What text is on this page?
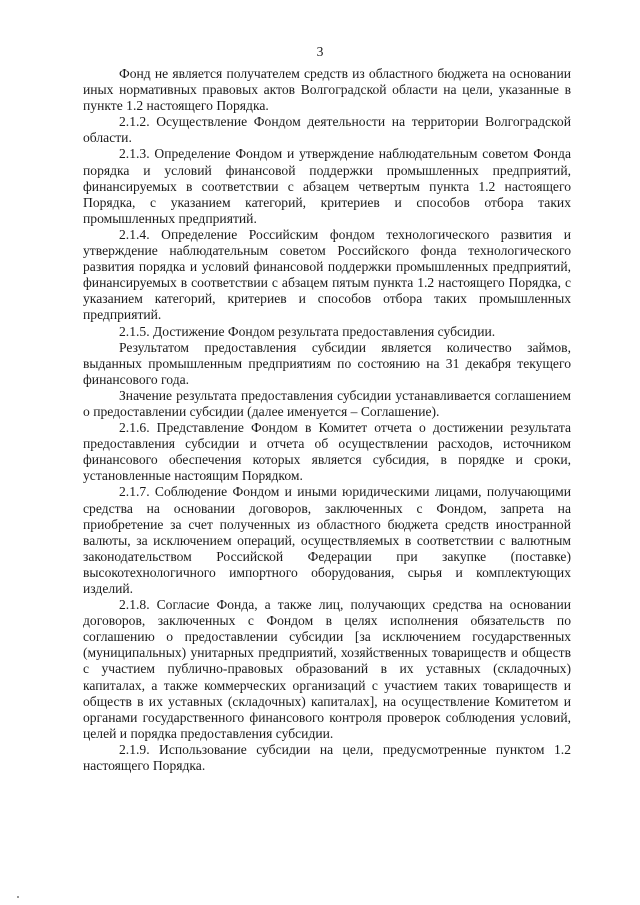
3

Фонд не является получателем средств из областного бюджета на основании иных нормативных правовых актов Волгоградской области на цели, указанные в пункте 1.2 настоящего Порядка.

2.1.2. Осуществление Фондом деятельности на территории Волгоградской области.

2.1.3. Определение Фондом и утверждение наблюдательным советом Фонда порядка и условий финансовой поддержки промышленных предприятий, финансируемых в соответствии с абзацем четвертым пункта 1.2 настоящего Порядка, с указанием категорий, критериев и способов отбора таких промышленных предприятий.

2.1.4. Определение Российским фондом технологического развития и утверждение наблюдательным советом Российского фонда технологического развития порядка и условий финансовой поддержки промышленных предприятий, финансируемых в соответствии с абзацем пятым пункта 1.2 настоящего Порядка, с указанием категорий, критериев и способов отбора таких промышленных предприятий.

2.1.5. Достижение Фондом результата предоставления субсидии.

Результатом предоставления субсидии является количество займов, выданных промышленным предприятиям по состоянию на 31 декабря текущего финансового года.

Значение результата предоставления субсидии устанавливается соглашением о предоставлении субсидии (далее именуется – Соглашение).

2.1.6. Представление Фондом в Комитет отчета о достижении результата предоставления субсидии и отчета об осуществлении расходов, источником финансового обеспечения которых является субсидия, в порядке и сроки, установленные настоящим Порядком.

2.1.7. Соблюдение Фондом и иными юридическими лицами, получающими средства на основании договоров, заключенных с Фондом, запрета на приобретение за счет полученных из областного бюджета средств иностранной валюты, за исключением операций, осуществляемых в соответствии с валютным законодательством Российской Федерации при закупке (поставке) высокотехнологичного импортного оборудования, сырья и комплектующих изделий.

2.1.8. Согласие Фонда, а также лиц, получающих средства на основании договоров, заключенных с Фондом в целях исполнения обязательств по соглашению о предоставлении субсидии [за исключением государственных (муниципальных) унитарных предприятий, хозяйственных товариществ и обществ с участием публично-правовых образований в их уставных (складочных) капиталах, а также коммерческих организаций с участием таких товариществ и обществ в их уставных (складочных) капиталах], на осуществление Комитетом и органами государственного финансового контроля проверок соблюдения условий, целей и порядка предоставления субсидии.

2.1.9. Использование субсидии на цели, предусмотренные пунктом 1.2 настоящего Порядка.
